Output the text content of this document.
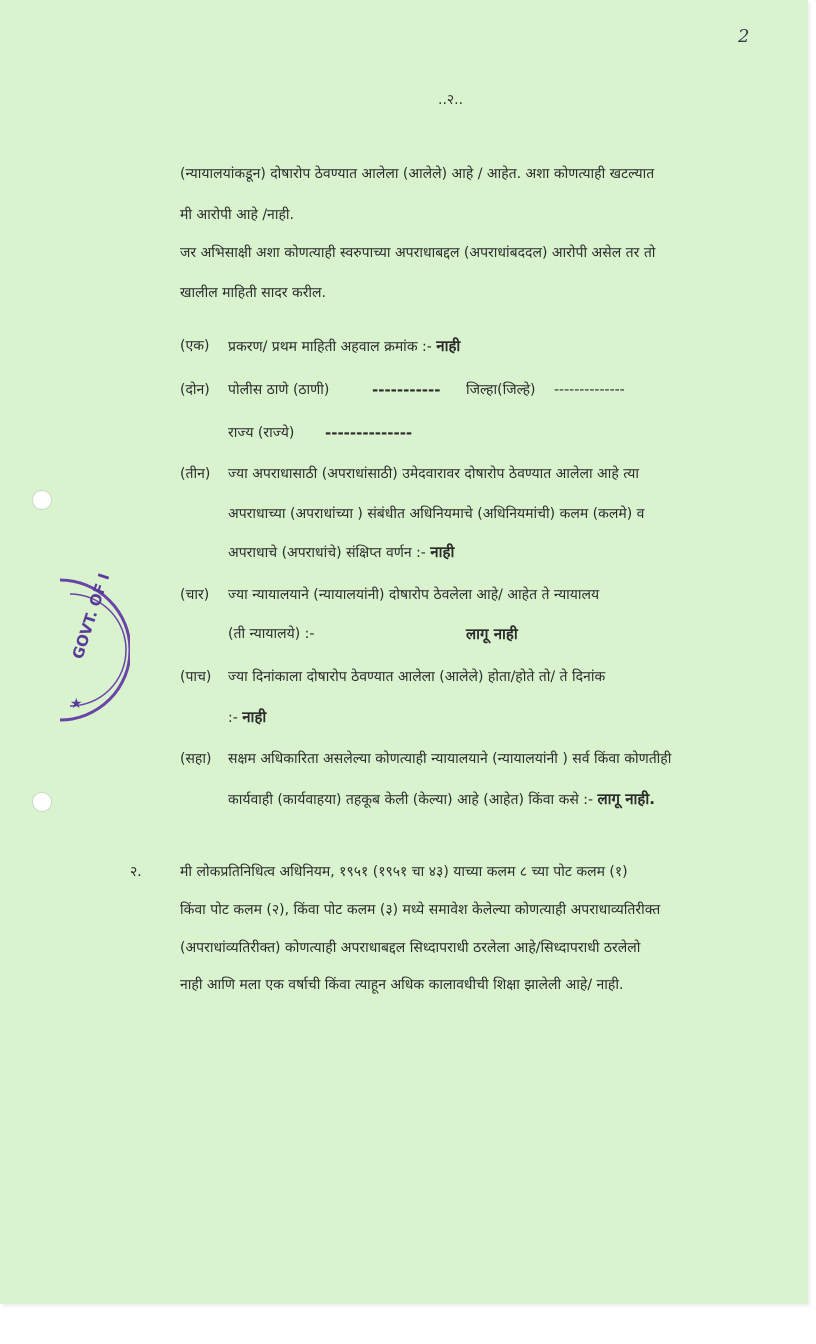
2
..२..
(न्यायालयांकडून) दोषारोप ठेवण्यात आलेला (आलेले) आहे / आहेत. अशा कोणत्याही खटल्यात
मी आरोपी आहे /नाही.
जर अभिसाक्षी अशा कोणत्याही स्वरुपाच्या अपराधाबद्दल (अपराधांबददल) आरोपी असेल तर तो
खालील माहिती सादर करील.
(एक) प्रकरण/ प्रथम माहिती अहवाल क्रमांक :- नाही
(दोन) पोलीस ठाणे (ठाणी)	----------- जिल्हा(जिल्हे) --------------
राज्य (राज्ये) --------------
(तीन) ज्या अपराधासाठी (अपराधांसाठी) उमेदवारावर दोषारोप ठेवण्यात आलेला आहे त्या
अपराधाच्या (अपराधांच्या ) संबंधीत अधिनियमाचे (अधिनियमांची) कलम (कलमे) व
अपराधाचे (अपराधांचे) संक्षिप्त वर्णन :- नाही
(चार) ज्या न्यायालयाने (न्यायालयांनी) दोषारोप ठेवलेला आहे/ आहेत ते न्यायालय
(ती न्यायालये) :-	लागू नाही
(पाच) ज्या दिनांकाला दोषारोप ठेवण्यात आलेला (आलेले) होता/होते तो/ ते दिनांक
:- नाही
(सहा) सक्षम अधिकारिता असलेल्या कोणत्याही न्यायालयाने (न्यायालयांनी ) सर्व किंवा कोणतीही
कार्यवाही (कार्यवाहया) तहकूब केली (केल्या) आहे (आहेत) किंवा कसे :- लागू नाही.
२.	मी लोकप्रतिनिधित्व अधिनियम, १९५१ (१९५१ चा ४३) याच्या कलम ८ च्या पोट कलम (१)
किंवा पोट कलम (२), किंवा पोट कलम (३) मध्ये समावेश केलेल्या कोणत्याही अपराधाव्यतिरीक्त
(अपराधांव्यतिरीक्त) कोणत्याही अपराधाबद्दल सिध्दापराधी ठरलेला आहे/सिध्दापराधी ठरलेलो
नाही आणि मला एक वर्षाची किंवा त्याहून अधिक कालावधीची शिक्षा झालेली आहे/ नाही.
GOVT. OF I
★
